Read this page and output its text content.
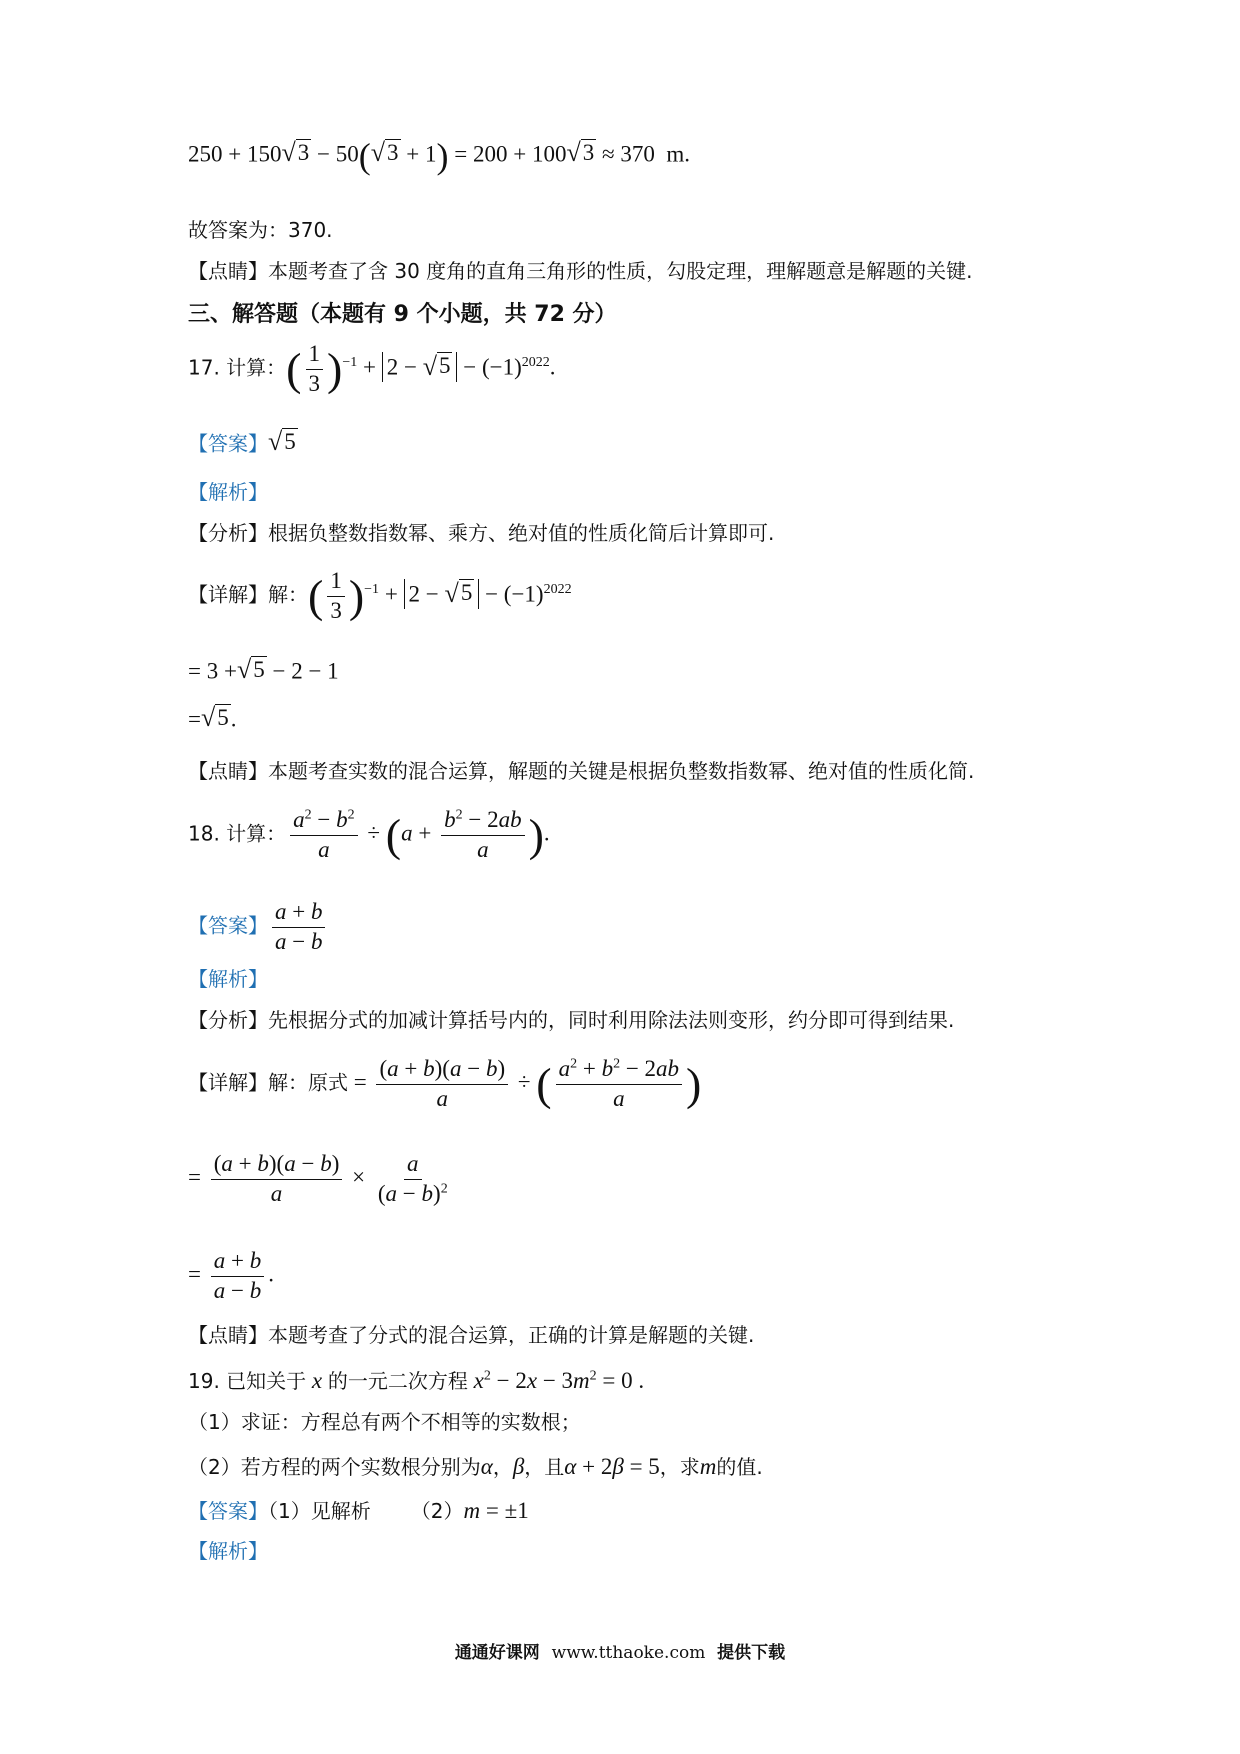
250 + 150 √ 3 − 50( √ 3 + 1) = 200 + 100 √ 3 ≈ 370  m.
故答案为：370.
【点睛】本题考查了含 30 度角的直角三角形的性质，勾股定理，理解题意是解题的关键.
三、解答题（本题有 9 个小题，共 72 分）
17. 计算：( $\frac{1}{3} )^{-1} + 2$ − √ $5 - (-1)^{2022}$.
【答案】 √ 5
【解析】
【分析】根据负整数指数幂、乘方、绝对值的性质化简后计算即可.
【详解】解：( $\frac{1}{3} )^{-1} + 2$ − √ $5 - (-1)^{2022}$
= 3 + √ 5 − 2 − 1
= √ 5 .
【点睛】本题考查实数的混合运算，解题的关键是根据负整数指数幂、绝对值的性质化简.
18. 计算： $\frac{a^2 - b^2}{a} \div (a + \frac{b^2 - 2ab}{a}$ ).
【答案】 $\frac{a + b}{a - b}$
【解析】
【分析】先根据分式的加减计算括号内的，同时利用除法法则变形，约分即可得到结果.
【详解】解：原式 = $\frac{(a + b)(a - b)}{a}$ ÷ ( $\frac{a^2 + b^2 - 2ab}{a}$ )
= $\frac{(a + b)(a - b)}{a} \times \frac{a}{(a - b)^2}$
= $\frac{a + b}{a - b}$ .
【点睛】本题考查了分式的混合运算，正确的计算是解题的关键.
19. 已知关于 x 的一元二次方程 $x^2 - 2x - 3m^2 = 0$ .
（1）求证：方程总有两个不相等的实数根；
（2）若方程的两个实数根分别为α，β，且α + 2β = 5，求m的值.
【答案】（1）见解析 （2）m = ±1
【解析】
通通好课网 www.tthaoke.com 提供下载
